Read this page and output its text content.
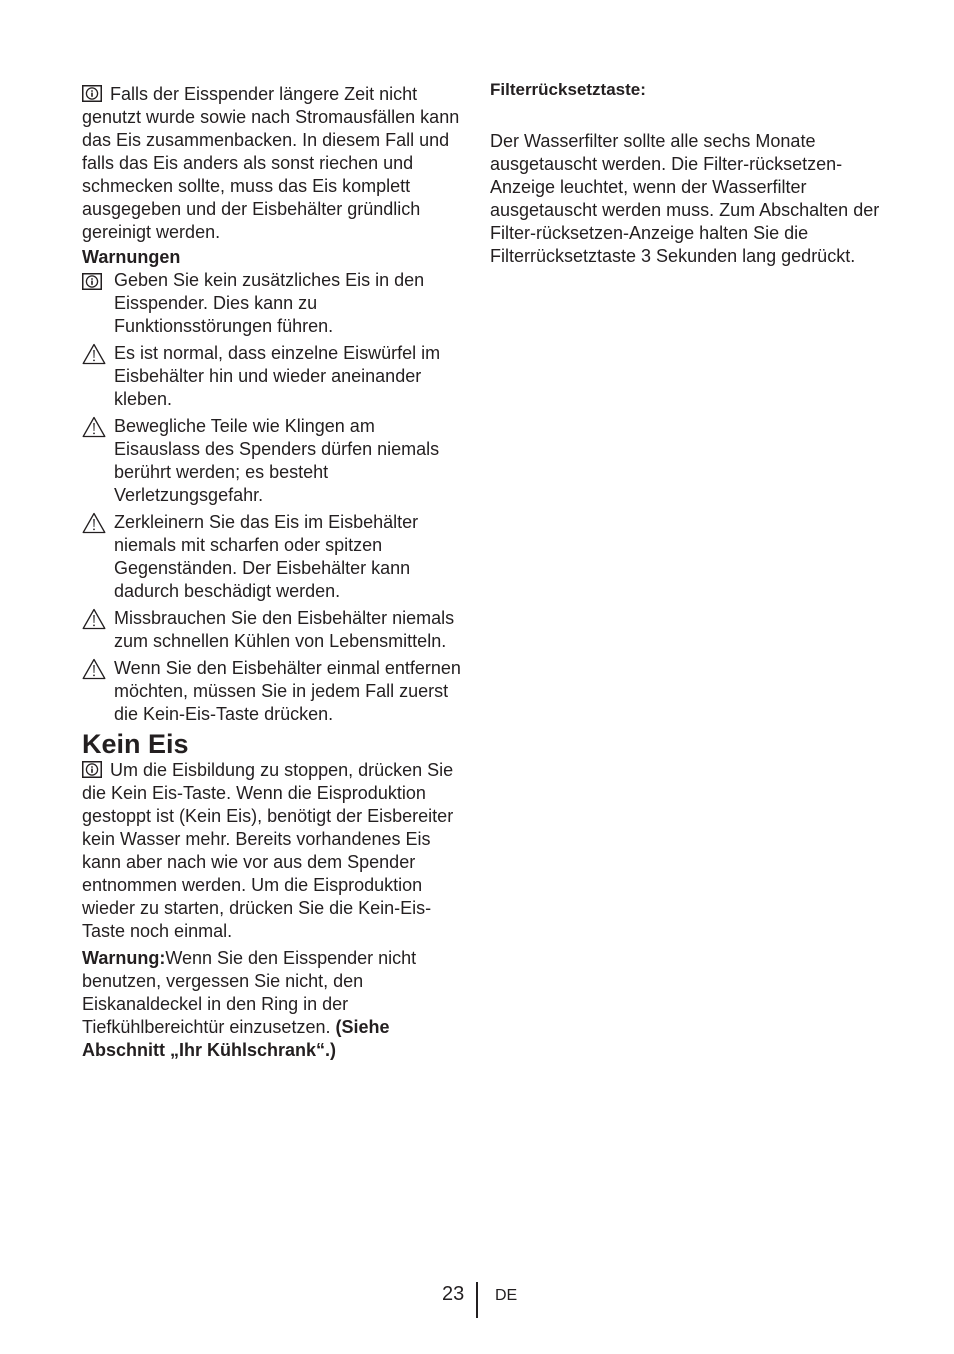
Falls der Eisspender längere Zeit nicht genutzt wurde sowie nach Stromausfällen kann das Eis zusammenbacken. In diesem Fall und falls das Eis anders als sonst riechen und schmecken sollte, muss das Eis komplett ausgegeben und der Eisbehälter gründlich gereinigt werden.

Warnungen
Geben Sie kein zusätzliches Eis in den Eisspender. Dies kann zu Funktionsstörungen führen.
Es ist normal, dass einzelne Eiswürfel im Eisbehälter hin und wieder aneinander kleben.
Bewegliche Teile wie Klingen am Eisauslass des Spenders dürfen niemals berührt werden; es besteht Verletzungsgefahr.
Zerkleinern Sie das Eis im Eisbehälter niemals mit scharfen oder spitzen Gegenständen. Der Eisbehälter kann dadurch beschädigt werden.
Missbrauchen Sie den Eisbehälter niemals zum schnellen Kühlen von Lebensmitteln.
Wenn Sie den Eisbehälter einmal entfernen möchten, müssen Sie in jedem Fall zuerst die Kein-Eis-Taste drücken.
Kein Eis

Um die Eisbildung zu stoppen, drücken Sie die Kein Eis-Taste. Wenn die Eisproduktion gestoppt ist (Kein Eis), benötigt der Eisbereiter kein Wasser mehr. Bereits vorhandenes Eis kann aber nach wie vor aus dem Spender entnommen werden. Um die Eisproduktion wieder zu starten, drücken Sie die Kein-Eis-Taste noch einmal.

Warnung:Wenn Sie den Eisspender nicht benutzen, vergessen Sie nicht, den Eiskanaldeckel in den Ring in der Tiefkühlbereichtür einzusetzen. (Siehe Abschnitt „Ihr Kühlschrank“.)

Filterrücksetztaste:

Der Wasserfilter sollte alle sechs Monate ausgetauscht werden. Die Filter-rücksetzen-Anzeige leuchtet, wenn der Wasserfilter ausgetauscht werden muss. Zum Abschalten der Filter-rücksetzen-Anzeige halten Sie die Filterrücksetztaste 3 Sekunden lang gedrückt.

23 DE
